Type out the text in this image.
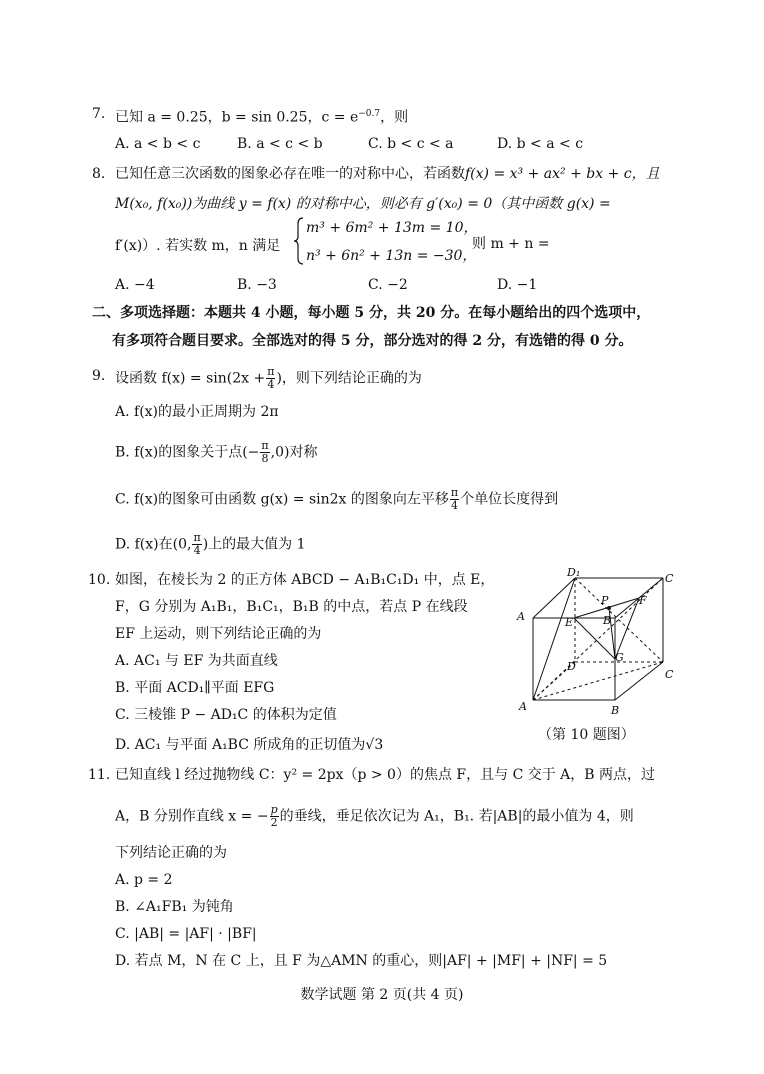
7. 已知 a = 0.25，b = sin 0.25，$c = e^{-0.7}$，则
A. a < b < c	B. a < c < b	C. b < c < a	D. b < a < c
8. 已知任意三次函数的图象必存在唯一的对称中心，若函数 f(x) = x³ + ax² + bx + c，且
M(x₀, f(x₀))为曲线 y = f(x) 的对称中心，则必有 g′(x₀) = 0（其中函数 g(x) =
f′(x)）. 若实数 m，n 满足
m³ + 6m² + 13m = 10，
n³ + 6n² + 13n = −30，
则 m + n =
A. −4	B. −3	C. −2	D. −1
二、多项选择题：本题共 4 小题，每小题 5 分，共 20 分。在每小题给出的四个选项中，
有多项符合题目要求。全部选对的得 5 分，部分选对的得 2 分，有选错的得 0 分。
9. 设函数 $f(x) = \sin(2x + \frac{\pi}{4}$ )，则下列结论正确的为
A. f(x)的最小正周期为 2π
B. f(x)的图象关于点(− $\frac{\pi}{8} ,0$)对称
C. f(x)的图象可由函数 g(x) = sin2x 的图象向左平移 $\frac{\pi}{4}$ 个单位长度得到
D. f(x)在(0, $\frac{\pi}{4}$ )上的最大值为 1
10. 如图，在棱长为 2 的正方体 ABCD − A₁B₁C₁D₁ 中，点 E，
F，G 分别为 A₁B₁，B₁C₁，B₁B 的中点，若点 P 在线段
EF 上运动，则下列结论正确的为
A. AC₁ 与 EF 为共面直线
B. 平面 ACD₁∥平面 EFG
C. 三棱锥 P − AD₁C 的体积为定值
D. AC₁ 与平面 A₁BC 所成角的正切值为√3
D₁	C
A
P
E	B
F
G
D
C
A	B
（第 10 题图）
11. 已知直线 l 经过抛物线 C：y² = 2px（p > 0）的焦点 F，且与 C 交于 A，B 两点，过
A，B 分别作直线 x = − $\frac{p}{2}$ 的垂线，垂足依次记为 A₁，B₁. 若|AB|的最小值为 4，则
下列结论正确的为
A. p = 2
B. ∠A₁FB₁ 为钝角
C. |AB| = |AF| · |BF|
D. 若点 M，N 在 C 上，且 F 为△AMN 的重心，则|AF| + |MF| + |NF| = 5
数学试题 第 2 页(共 4 页)
